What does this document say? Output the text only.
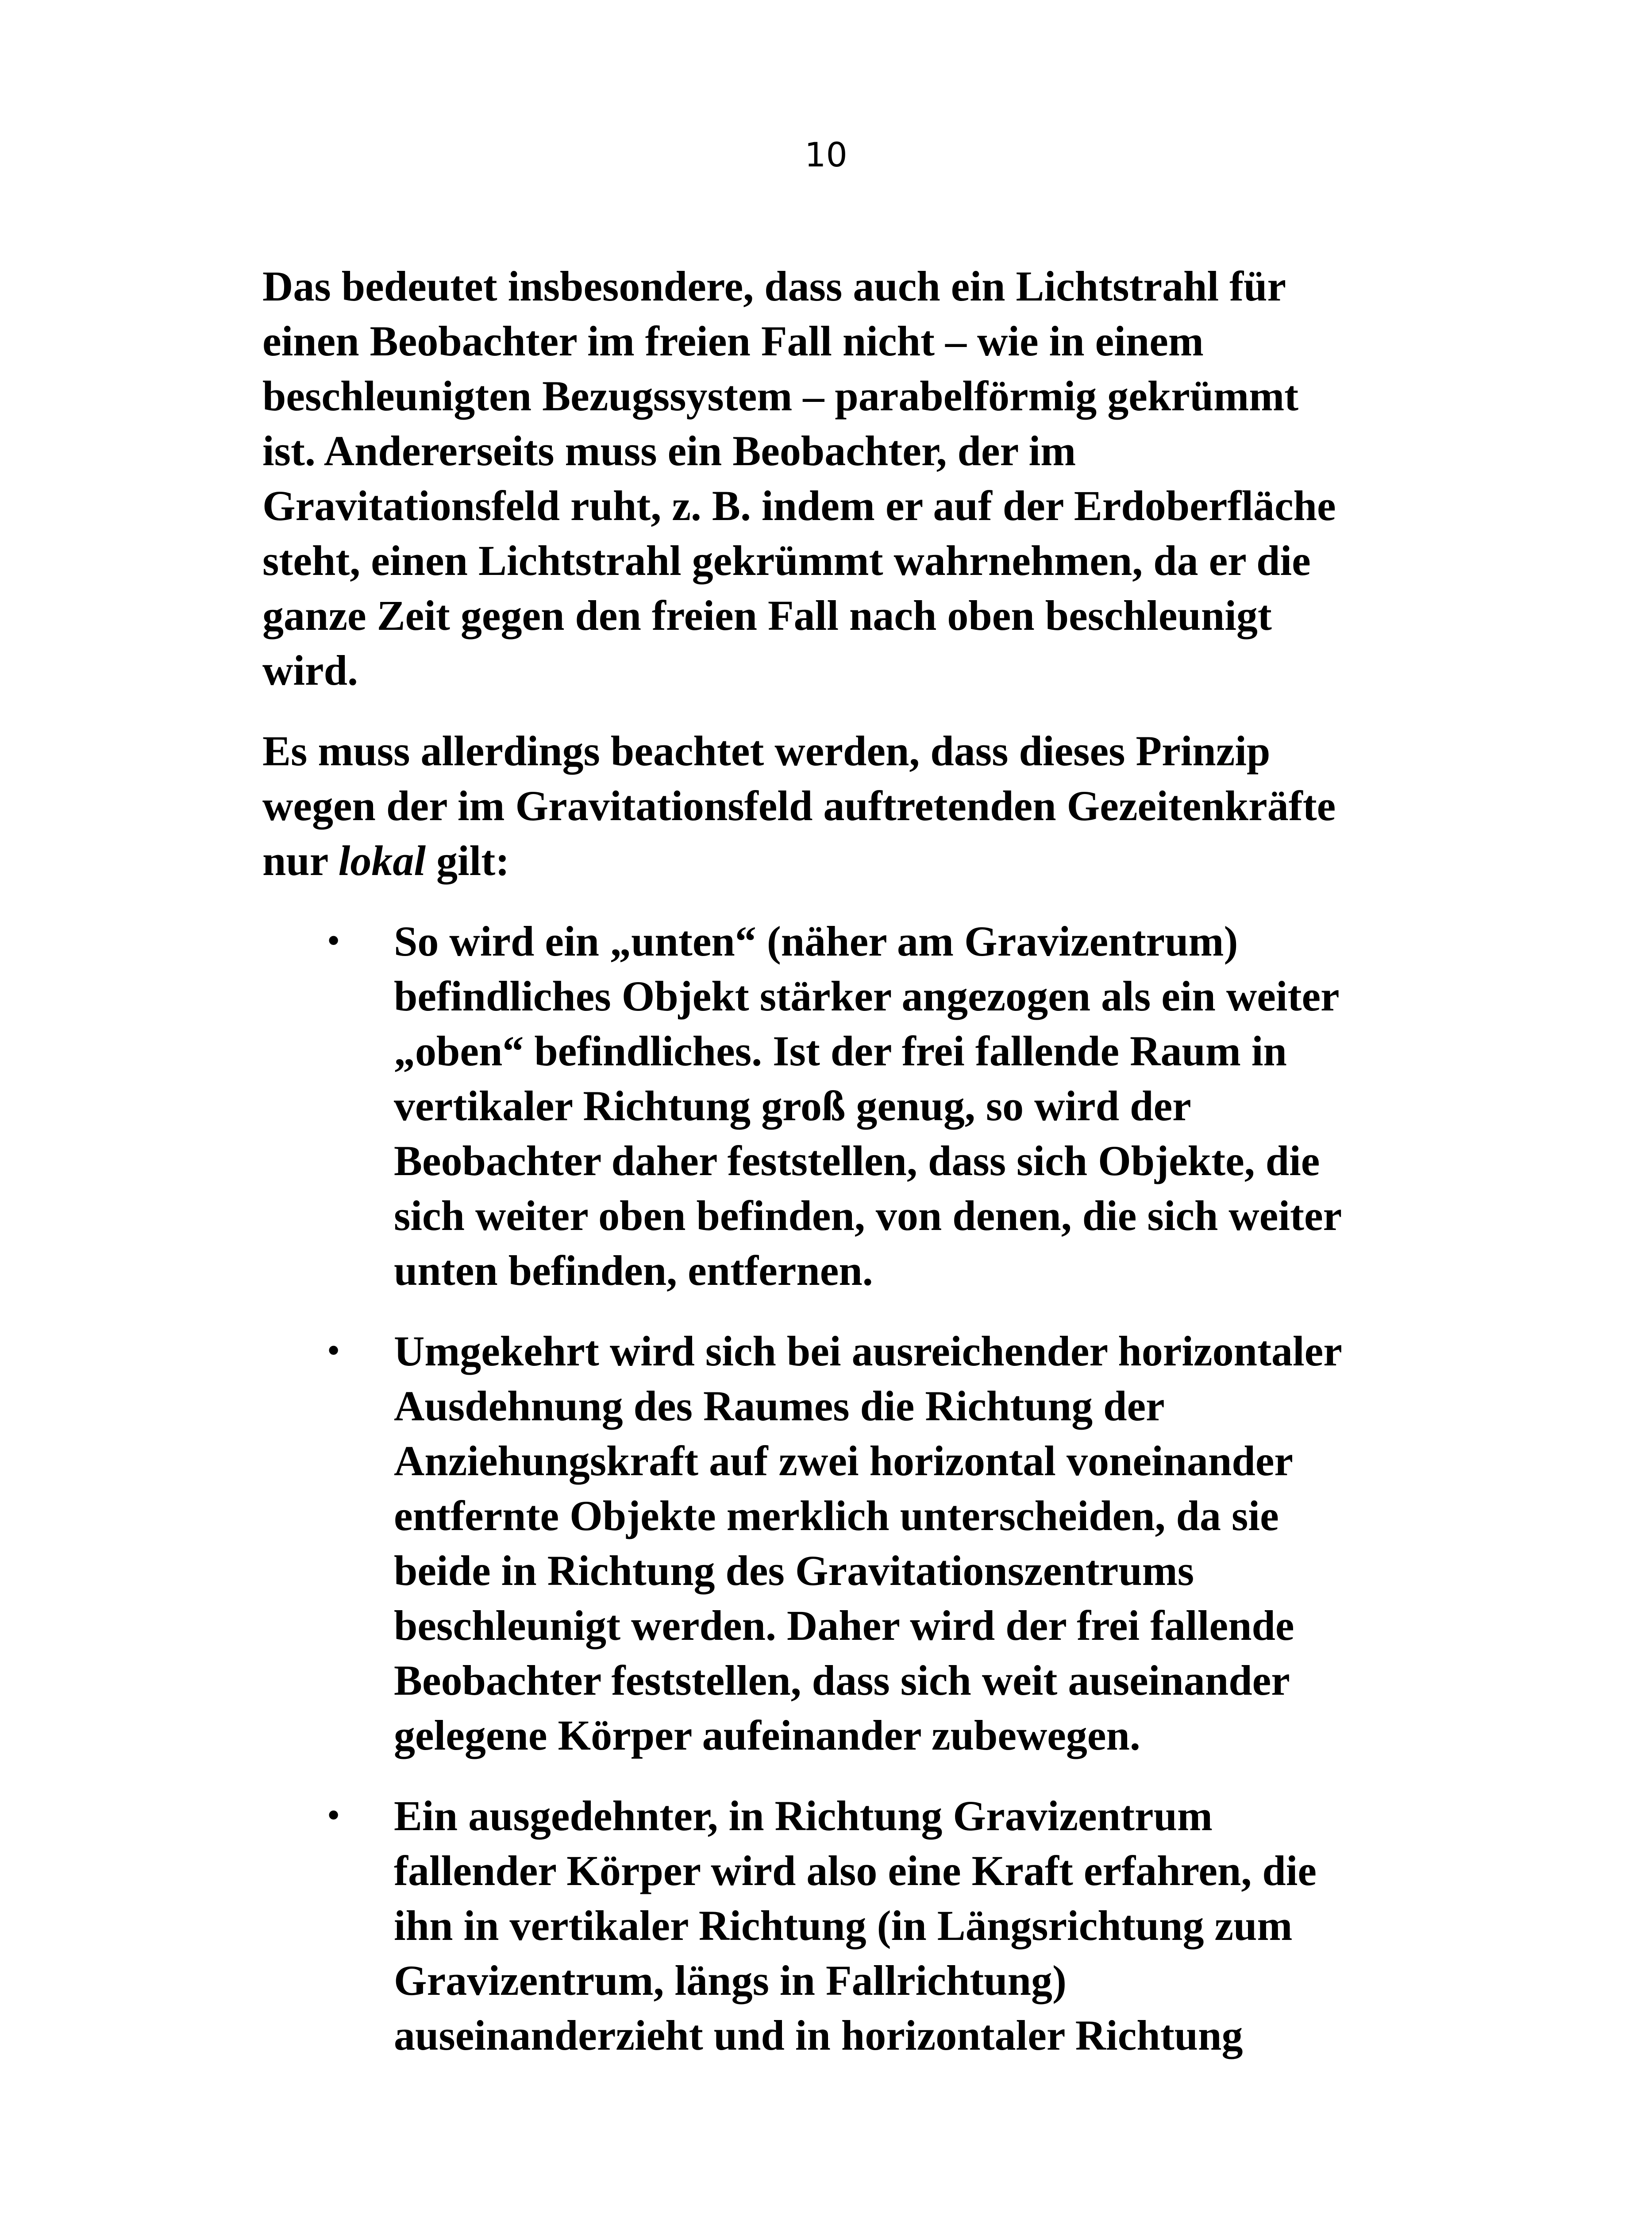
10

Das bedeutet insbesondere, dass auch ein Lichtstrahl für
einen Beobachter im freien Fall nicht – wie in einem
beschleunigten Bezugssystem – parabelförmig gekrümmt
ist. Andererseits muss ein Beobachter, der im
Gravitationsfeld ruht, z. B. indem er auf der Erdoberfläche
steht, einen Lichtstrahl gekrümmt wahrnehmen, da er die
ganze Zeit gegen den freien Fall nach oben beschleunigt
wird.

Es muss allerdings beachtet werden, dass dieses Prinzip
wegen der im Gravitationsfeld auftretenden Gezeitenkräfte
nur lokal gilt:

• So wird ein „unten“ (näher am Gravizentrum)
befindliches Objekt stärker angezogen als ein weiter
„oben“ befindliches. Ist der frei fallende Raum in
vertikaler Richtung groß genug, so wird der
Beobachter daher feststellen, dass sich Objekte, die
sich weiter oben befinden, von denen, die sich weiter
unten befinden, entfernen.
• Umgekehrt wird sich bei ausreichender horizontaler
Ausdehnung des Raumes die Richtung der
Anziehungskraft auf zwei horizontal voneinander
entfernte Objekte merklich unterscheiden, da sie
beide in Richtung des Gravitationszentrums
beschleunigt werden. Daher wird der frei fallende
Beobachter feststellen, dass sich weit auseinander
gelegene Körper aufeinander zubewegen.
• Ein ausgedehnter, in Richtung Gravizentrum
fallender Körper wird also eine Kraft erfahren, die
ihn in vertikaler Richtung (in Längsrichtung zum
Gravizentrum, längs in Fallrichtung)
auseinanderzieht und in horizontaler Richtung
